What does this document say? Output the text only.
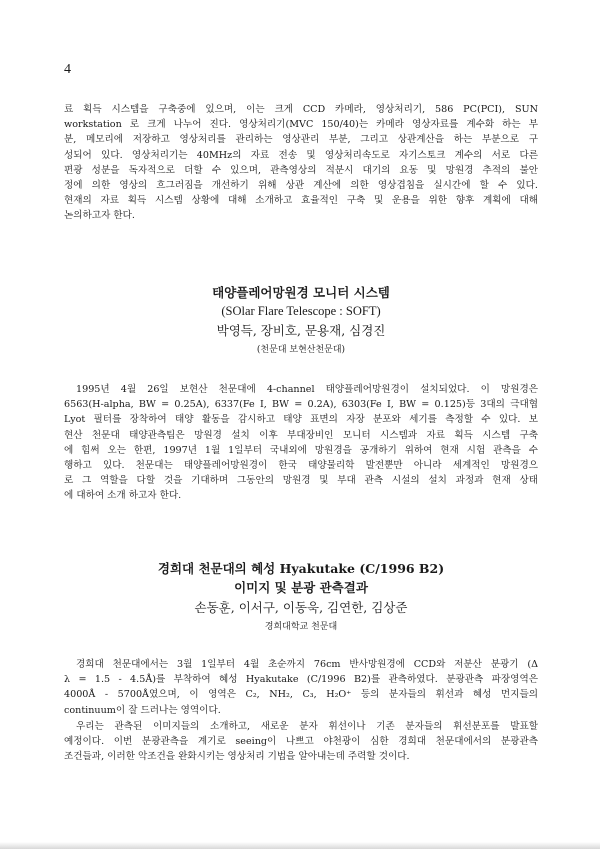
4
료 획득 시스템을 구축중에 있으며, 이는 크게 CCD 카메라, 영상처리기, 586 PC(PCI), SUN
workstation 로 크게 나누어 진다. 영상처리기(MVC 150/40)는 카메라 영상자료를 계수화 하는 부
분, 메모리에 저장하고 영상처리를 관리하는 영상관리 부분, 그리고 상관계산을 하는 부분으로 구
성되어 있다. 영상처리기는 40MHz의 자료 전송 및 영상처리속도로 자기스토크 계수의 서로 다른
편광 성분을 독자적으로 더할 수 있으며, 관측영상의 적분시 대기의 요동 및 망원경 추적의 불안
정에 의한 영상의 흐그러짐을 개선하기 위해 상관 계산에 의한 영상겹침을 실시간에 할 수 있다.
현재의 자료 획득 시스템 상황에 대해 소개하고 효율적인 구축 및 운용을 위한 향후 계획에 대해
논의하고자 한다.
태양플레어망원경 모니터 시스템
(SOlar Flare Telescope : SOFT)
박영득, 장비호, 문용재, 심경진
(천문대 보현산천문대)
1995년 4월 26일 보현산 천문대에 4-channel 태양플레어망원경이 설치되었다. 이 망원경은
6563(H-alpha, BW = 0.25A), 6337(Fe I, BW = 0.2A), 6303(Fe I, BW = 0.125)등 3대의 극대협
Lyot 필터를 장착하여 태양 활동을 감시하고 태양 표면의 자장 분포와 세기를 측정할 수 있다. 보
현산 천문대 태양관측팀은 망원경 설치 이후 부대장비인 모니터 시스템과 자료 획득 시스템 구축
에 힘써 오는 한편, 1997년 1월 1일부터 국내외에 망원경을 공개하기 위하여 현재 시험 관측을 수
행하고 있다. 천문대는 태양플레어망원경이 한국 태양물리학 발전뿐만 아니라 세계적인 망원경으
로 그 역할을 다할 것을 기대하며 그동안의 망원경 및 부대 관측 시설의 설치 과정과 현재 상태
에 대하여 소개 하고자 한다.
경희대 천문대의 혜성 Hyakutake (C/1996 B2)
이미지 및 분광 관측결과
손동훈, 이서구, 이동욱, 김연한, 김상준
경희대학교 천문대
경희대 천문대에서는 3월 1일부터 4월 초순까지 76cm 반사망원경에 CCD와 저분산 분광기 (Δ
λ = 1.5 - 4.5Å)를 부착하여 혜성 Hyakutake (C/1996 B2)를 관측하였다. 분광관측 파장영역은
4000Å - 5700Å였으며, 이 영역은 C₂, NH₂, C₃, H₂O⁺ 등의 분자들의 휘선과 혜성 먼지들의
continuum이 잘 드러나는 영역이다.
우리는 관측된 이미지들의 소개하고, 새로운 분자 휘선이나 기존 분자들의 휘선분포를 발표할
예정이다. 이번 분광관측을 계기로 seeing이 나쁘고 야천광이 심한 경희대 천문대에서의 분광관측
조건들과, 이러한 악조건을 완화시키는 영상처리 기법을 알아내는데 주력할 것이다.
